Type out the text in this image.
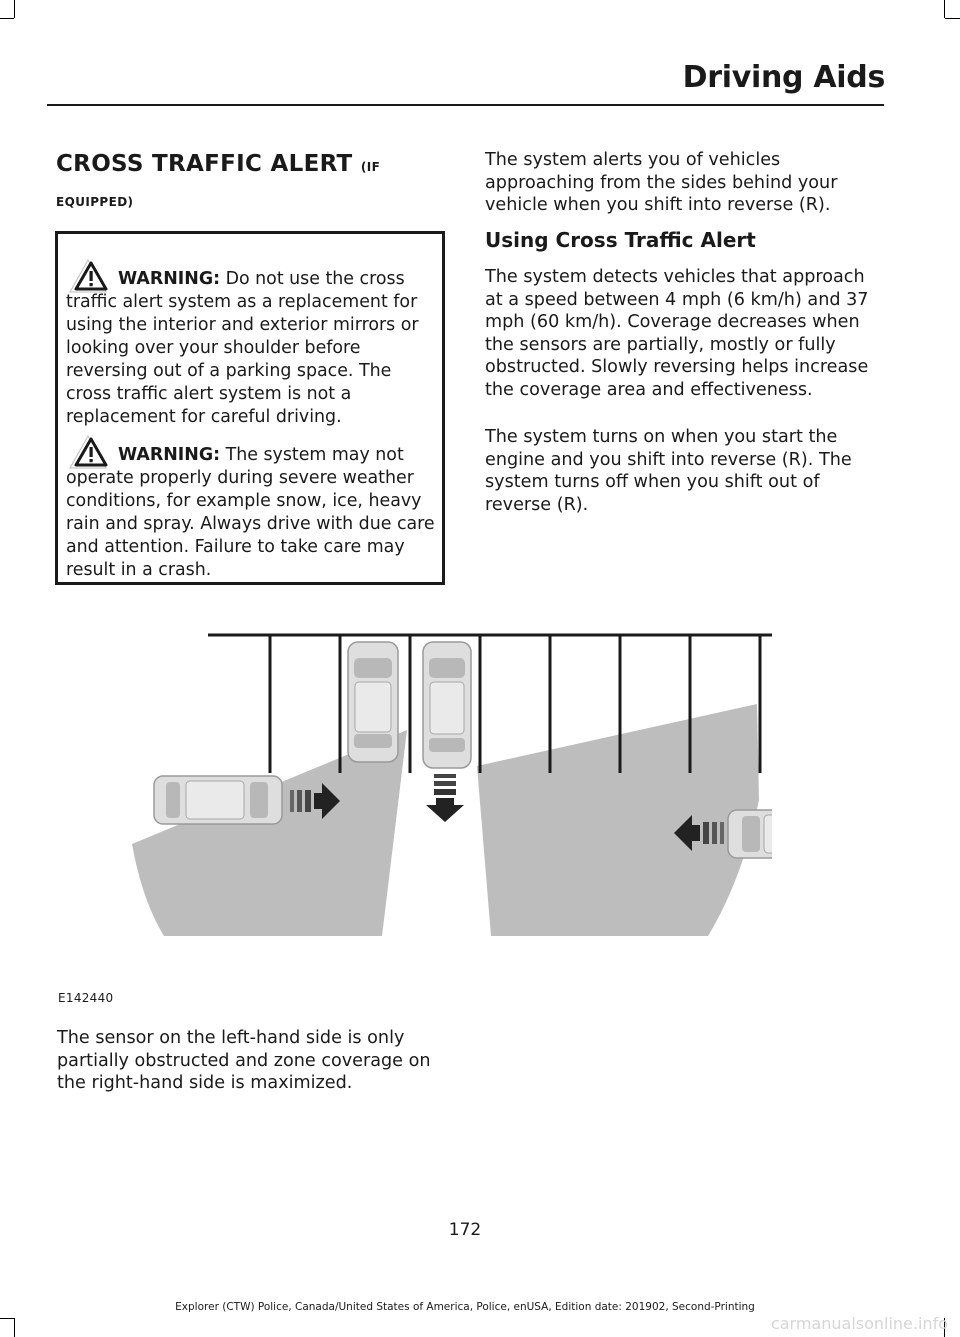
Driving Aids
CROSS TRAFFIC ALERT (IF
EQUIPPED)
WARNING: Do not use the cross traffic alert system as a replacement for using the interior and exterior mirrors or looking over your shoulder before reversing out of a parking space. The cross traffic alert system is not a replacement for careful driving.
WARNING: The system may not operate properly during severe weather conditions, for example snow, ice, heavy rain and spray. Always drive with due care and attention. Failure to take care may result in a crash.

The system alerts you of vehicles approaching from the sides behind your vehicle when you shift into reverse (R).

Using Cross Traffic Alert

The system detects vehicles that approach at a speed between 4 mph (6 km/h) and 37 mph (60 km/h). Coverage decreases when the sensors are partially, mostly or fully obstructed. Slowly reversing helps increase the coverage area and effectiveness.

The system turns on when you start the engine and you shift into reverse (R). The system turns off when you shift out of reverse (R).

E142440
The sensor on the left-hand side is only partially obstructed and zone coverage on the right-hand side is maximized.
172
Explorer (CTW) Police, Canada/United States of America, Police, enUSA, Edition date: 201902, Second-Printing
carmanualsonline.info
